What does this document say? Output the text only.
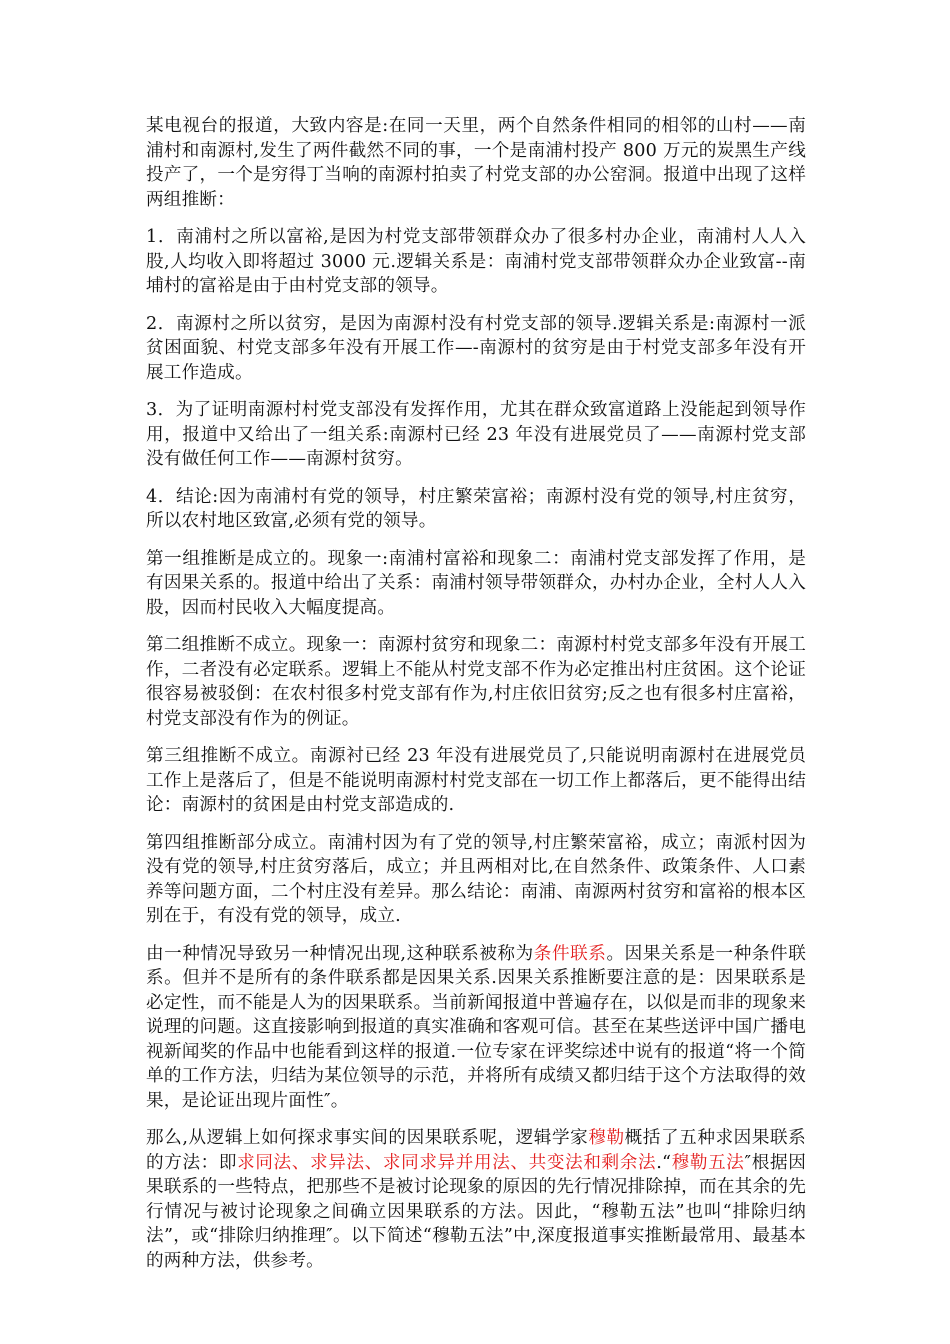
某电视台的报道，大致内容是:在同一天里，两个自然条件相同的相邻的山村——南浦村和南源村,发生了两件截然不同的事，一个是南浦村投产 800 万元的炭黑生产线投产了，一个是穷得丁当响的南源村拍卖了村党支部的办公窑洞。报道中出现了这样两组推断：

1．南浦村之所以富裕,是因为村党支部带领群众办了很多村办企业，南浦村人人入股,人均收入即将超过 3000 元.逻辑关系是：南浦村党支部带领群众办企业致富--南埔村的富裕是由于由村党支部的领导。

2．南源村之所以贫穷，是因为南源村没有村党支部的领导.逻辑关系是:南源村一派贫困面貌、村党支部多年没有开展工作—-南源村的贫穷是由于村党支部多年没有开展工作造成。

3．为了证明南源村村党支部没有发挥作用，尤其在群众致富道路上没能起到领导作用，报道中又给出了一组关系:南源村已经 23 年没有进展党员了——南源村党支部没有做任何工作——南源村贫穷。

4．结论:因为南浦村有党的领导，村庄繁荣富裕；南源村没有党的领导,村庄贫穷，所以农村地区致富,必须有党的领导。

第一组推断是成立的。现象一:南浦村富裕和现象二：南浦村党支部发挥了作用，是有因果关系的。报道中给出了关系：南浦村领导带领群众，办村办企业，全村人人入股，因而村民收入大幅度提高。

第二组推断不成立。现象一：南源村贫穷和现象二：南源村村党支部多年没有开展工作，二者没有必定联系。逻辑上不能从村党支部不作为必定推出村庄贫困。这个论证很容易被驳倒：在农村很多村党支部有作为,村庄依旧贫穷;反之也有很多村庄富裕，村党支部没有作为的例证。

第三组推断不成立。南源衬已经 23 年没有进展党员了,只能说明南源村在进展党员工作上是落后了，但是不能说明南源村村党支部在一切工作上都落后，更不能得出结论：南源村的贫困是由村党支部造成的.

第四组推断部分成立。南浦村因为有了党的领导,村庄繁荣富裕，成立；南派村因为没有党的领导,村庄贫穷落后，成立；并且两相对比,在自然条件、政策条件、人口素养等问题方面，二个村庄没有差异。那么结论：南浦、南源两村贫穷和富裕的根本区别在于，有没有党的领导，成立.

由一种情况导致另一种情况出现,这种联系被称为条件联系。因果关系是一种条件联系。但并不是所有的条件联系都是因果关系.因果关系推断要注意的是：因果联系是必定性，而不能是人为的因果联系。当前新闻报道中普遍存在，以似是而非的现象来说理的问题。这直接影响到报道的真实准确和客观可信。甚至在某些送评中国广播电视新闻奖的作品中也能看到这样的报道.一位专家在评奖综述中说有的报道“将一个简单的工作方法，归结为某位领导的示范，并将所有成绩又都归结于这个方法取得的效果，是论证出现片面性″。

那么,从逻辑上如何探求事实间的因果联系呢，逻辑学家穆勒概括了五种求因果联系的方法：即求同法、求异法、求同求异并用法、共变法和剩余法.“穆勒五法″根据因果联系的一些特点，把那些不是被讨论现象的原因的先行情况排除掉，而在其余的先行情况与被讨论现象之间确立因果联系的方法。因此，“穆勒五法”也叫“排除归纳法”，或“排除归纳推理″。以下简述“穆勒五法”中,深度报道事实推断最常用、最基本的两种方法，供参考。
